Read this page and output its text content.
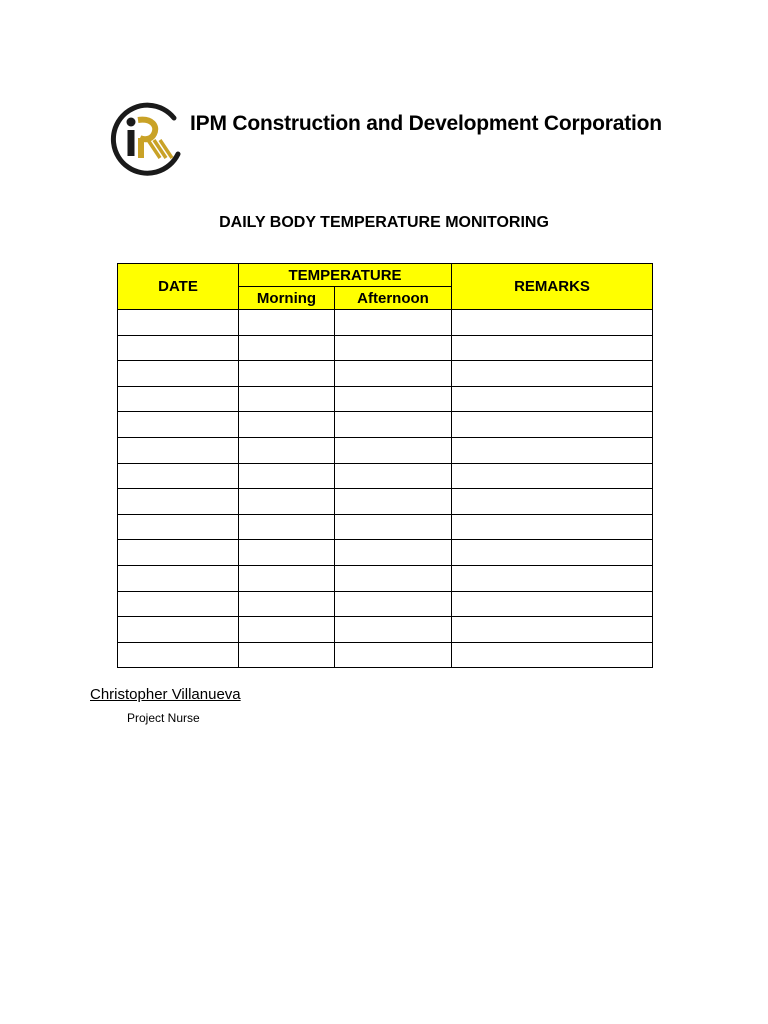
IPM Construction and Development Corporation
DAILY BODY TEMPERATURE MONITORING
DATE	TEMPERATURE		REMARKS
	Morning	Afternoon	

Christopher Villanueva
Project Nurse
